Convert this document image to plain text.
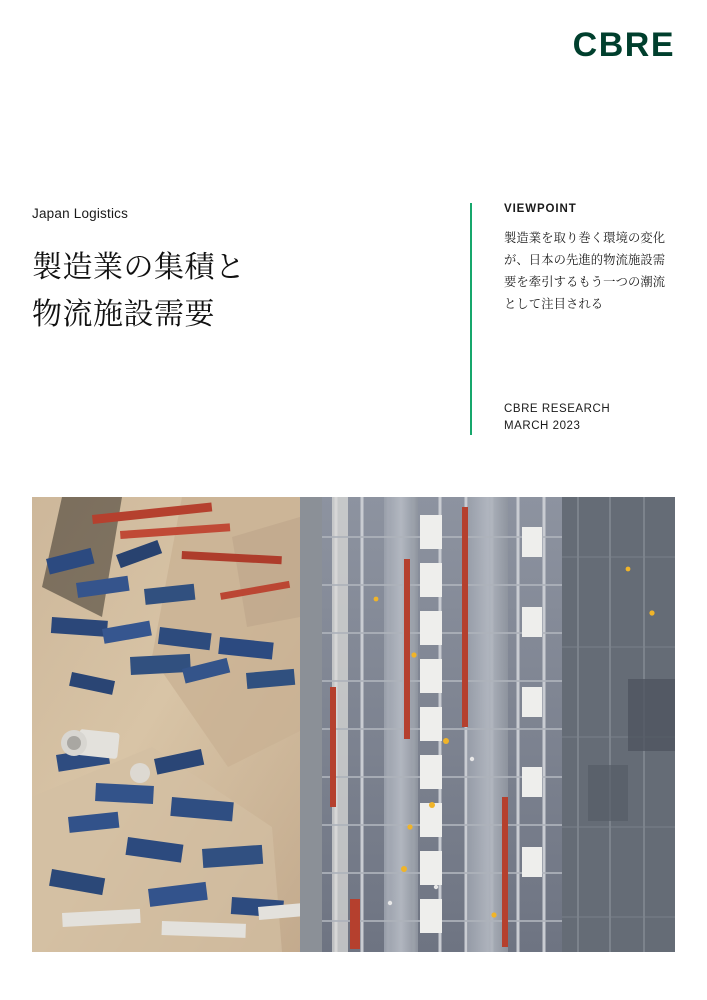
CBRE

Japan Logistics

製造業の集積と
物流施設需要

VIEWPOINT

製造業を取り巻く環境の変化が、日本の先進的物流施設需要を牽引するもう一つの潮流として注目される

CBRE RESEARCH
MARCH 2023
